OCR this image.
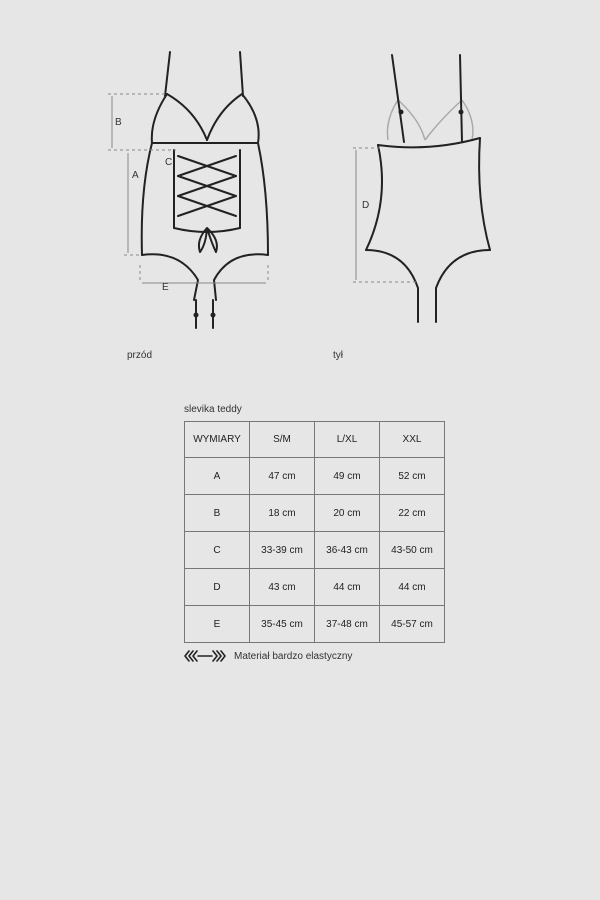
B
A
C
E
D
przód	tył
slevika teddy
WYMIARY	S/M	L/XL	XXL
A	47 cm	49 cm	52 cm
B	18 cm	20 cm	22 cm
C	33-39 cm	36-43 cm	43-50 cm
D	43 cm	44 cm	44 cm
E	35-45 cm	37-48 cm	45-57 cm
Materiał bardzo elastyczny
